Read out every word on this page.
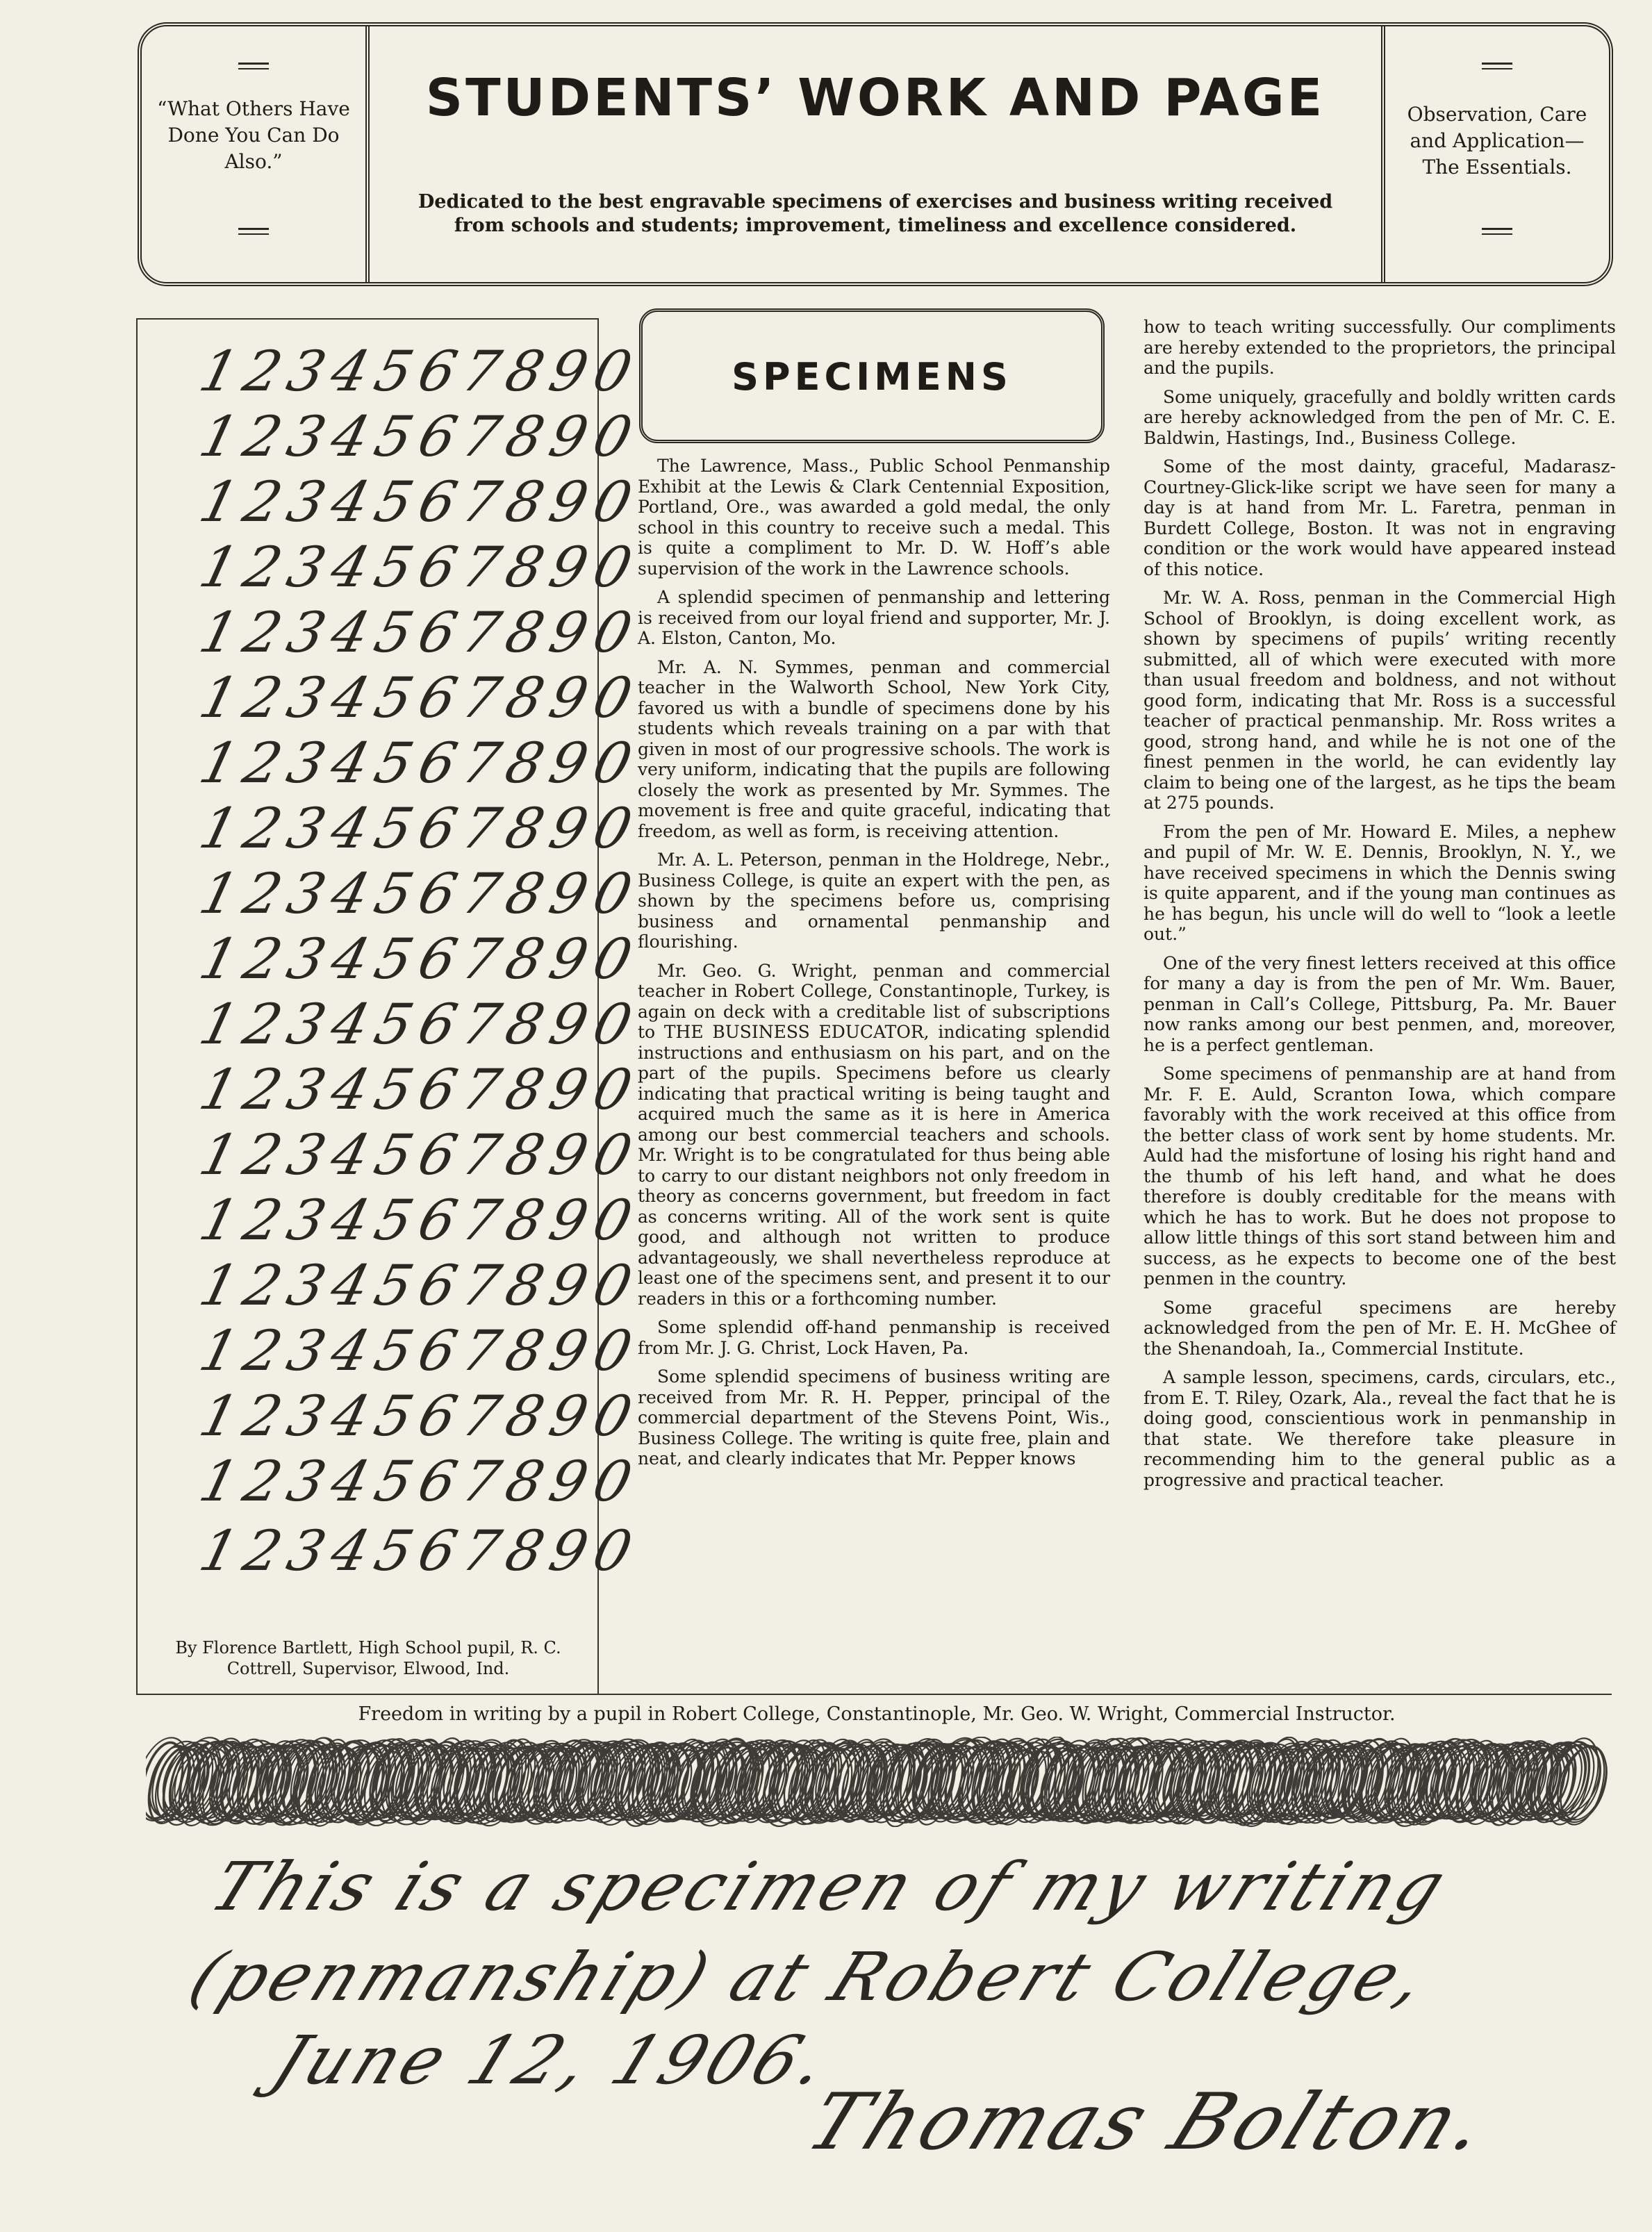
“What Others Have Done You Can Do Also.”
STUDENTS’ WORK AND PAGE
Dedicated to the best engravable specimens of exercises and business writing received from schools and students; improvement, timeliness and excellence considered.
Observation, Care and Application—The Essentials.
1234567890
1234567890
1234567890
1234567890
1234567890
1234567890
1234567890
1234567890
1234567890
1234567890
1234567890
1234567890
1234567890
1234567890
1234567890
1234567890
1234567890
1234567890
1234567890
By Florence Bartlett, High School pupil, R. C. Cottrell, Supervisor, Elwood, Ind.
SPECIMENS

The Lawrence, Mass., Public School Penmanship Exhibit at the Lewis & Clark Centennial Exposition, Portland, Ore., was awarded a gold medal, the only school in this country to receive such a medal. This is quite a compliment to Mr. D. W. Hoff’s able supervision of the work in the Lawrence schools.

A splendid specimen of penmanship and lettering is received from our loyal friend and supporter, Mr. J. A. Elston, Canton, Mo.

Mr. A. N. Symmes, penman and commercial teacher in the Walworth School, New York City, favored us with a bundle of specimens done by his students which reveals training on a par with that given in most of our progressive schools. The work is very uniform, indicating that the pupils are following closely the work as presented by Mr. Symmes. The movement is free and quite graceful, indicating that freedom, as well as form, is receiving attention.

Mr. A. L. Peterson, penman in the Holdrege, Nebr., Business College, is quite an expert with the pen, as shown by the specimens before us, comprising business and ornamental penmanship and flourishing.

Mr. Geo. G. Wright, penman and commercial teacher in Robert College, Constantinople, Turkey, is again on deck with a creditable list of subscriptions to THE BUSINESS EDUCATOR, indicating splendid instructions and enthusiasm on his part, and on the part of the pupils. Specimens before us clearly indicating that practical writing is being taught and acquired much the same as it is here in America among our best commercial teachers and schools. Mr. Wright is to be congratulated for thus being able to carry to our distant neighbors not only freedom in theory as concerns government, but freedom in fact as concerns writing. All of the work sent is quite good, and although not written to produce advantageously, we shall nevertheless reproduce at least one of the specimens sent, and present it to our readers in this or a forthcoming number.

Some splendid off-hand penmanship is received from Mr. J. G. Christ, Lock Haven, Pa.

Some splendid specimens of business writing are received from Mr. R. H. Pepper, principal of the commercial department of the Stevens Point, Wis., Business College. The writing is quite free, plain and neat, and clearly indicates that Mr. Pepper knows

how to teach writing successfully. Our compliments are hereby extended to the proprietors, the principal and the pupils.

Some uniquely, gracefully and boldly written cards are hereby acknowledged from the pen of Mr. C. E. Baldwin, Hastings, Ind., Business College.

Some of the most dainty, graceful, Madarasz-Courtney-Glick-like script we have seen for many a day is at hand from Mr. L. Faretra, penman in Burdett College, Boston. It was not in engraving condition or the work would have appeared instead of this notice.

Mr. W. A. Ross, penman in the Commercial High School of Brooklyn, is doing excellent work, as shown by specimens of pupils’ writing recently submitted, all of which were executed with more than usual freedom and boldness, and not without good form, indicating that Mr. Ross is a successful teacher of practical penmanship. Mr. Ross writes a good, strong hand, and while he is not one of the finest penmen in the world, he can evidently lay claim to being one of the largest, as he tips the beam at 275 pounds.

From the pen of Mr. Howard E. Miles, a nephew and pupil of Mr. W. E. Dennis, Brooklyn, N. Y., we have received specimens in which the Dennis swing is quite apparent, and if the young man continues as he has begun, his uncle will do well to “look a leetle out.”

One of the very finest letters received at this office for many a day is from the pen of Mr. Wm. Bauer, penman in Call’s College, Pittsburg, Pa. Mr. Bauer now ranks among our best penmen, and, moreover, he is a perfect gentleman.

Some specimens of penmanship are at hand from Mr. F. E. Auld, Scranton Iowa, which compare favorably with the work received at this office from the better class of work sent by home students. Mr. Auld had the misfortune of losing his right hand and the thumb of his left hand, and what he does therefore is doubly creditable for the means with which he has to work. But he does not propose to allow little things of this sort stand between him and success, as he expects to become one of the best penmen in the country.

Some graceful specimens are hereby acknowledged from the pen of Mr. E. H. McGhee of the Shenandoah, Ia., Commercial Institute.

A sample lesson, specimens, cards, circulars, etc., from E. T. Riley, Ozark, Ala., reveal the fact that he is doing good, conscientious work in penmanship in that state. We therefore take pleasure in recommending him to the general public as a progressive and practical teacher.

Freedom in writing by a pupil in Robert College, Constantinople, Mr. Geo. W. Wright, Commercial Instructor.
This is a specimen of my writing
(penmanship) at Robert College,
June 12, 1906.
Thomas Bolton.
